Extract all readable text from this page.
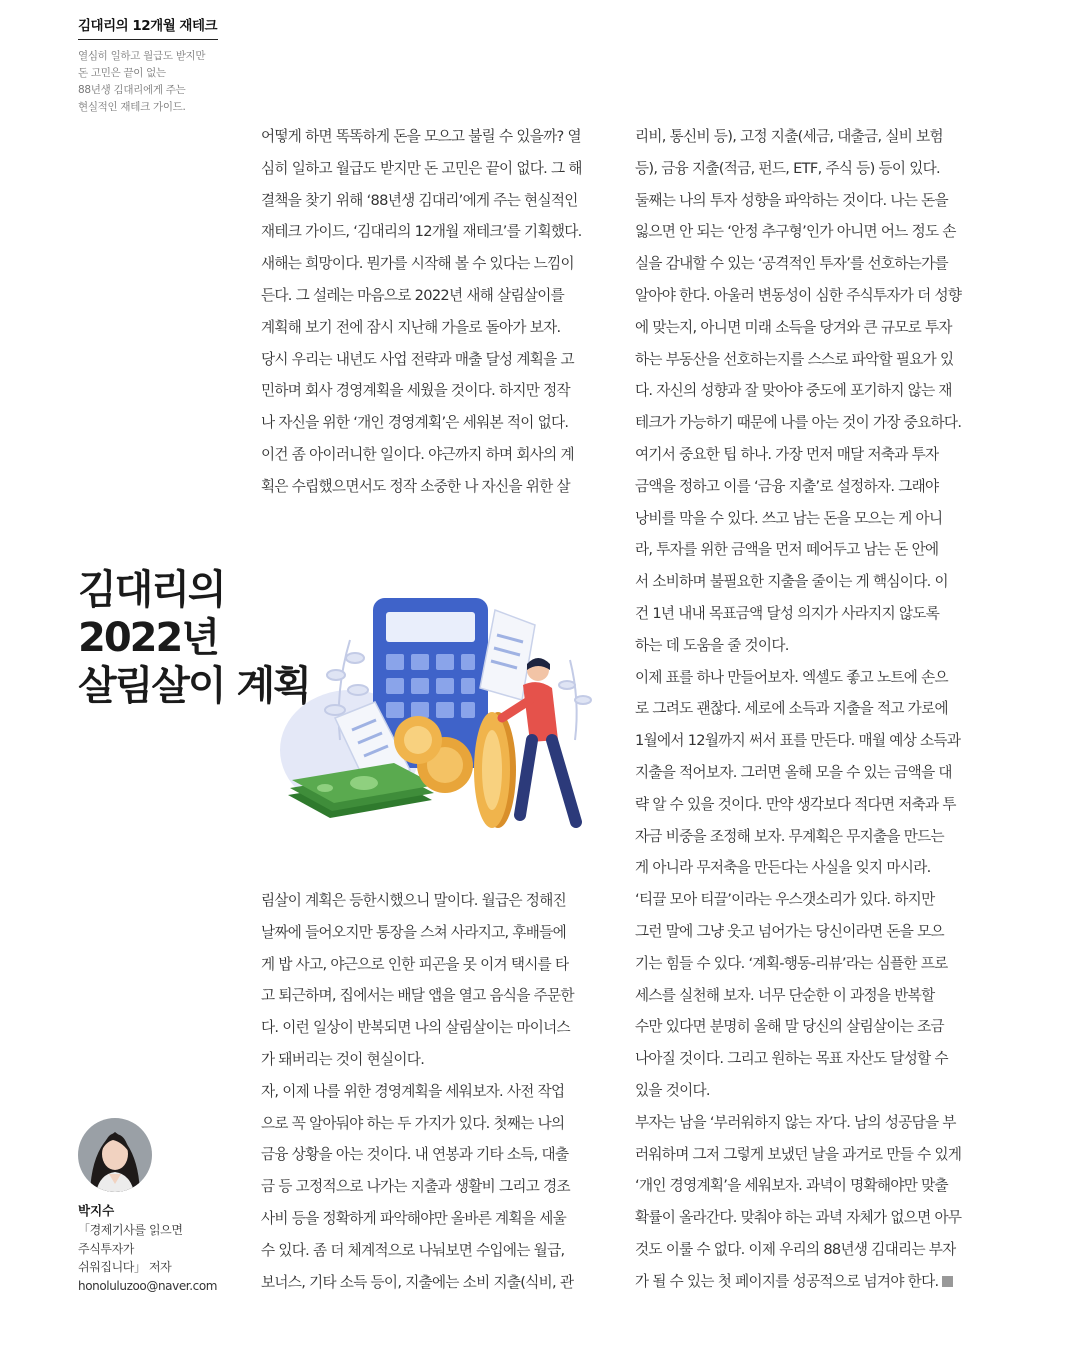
김대리의 12개월 재테크
열심히 일하고 월급도 받지만
돈 고민은 끝이 없는
88년생 김대리에게 주는
현실적인 재테크 가이드.

어떻게 하면 똑똑하게 돈을 모으고 불릴 수 있을까? 열

심히 일하고 월급도 받지만 돈 고민은 끝이 없다. 그 해

결책을 찾기 위해 ‘88년생 김대리’에게 주는 현실적인

재테크 가이드, ‘김대리의 12개월 재테크’를 기획했다.

새해는 희망이다. 뭔가를 시작해 볼 수 있다는 느낌이

든다. 그 설레는 마음으로 2022년 새해 살림살이를

계획해 보기 전에 잠시 지난해 가을로 돌아가 보자.

당시 우리는 내년도 사업 전략과 매출 달성 계획을 고

민하며 회사 경영계획을 세웠을 것이다. 하지만 정작

나 자신을 위한 ‘개인 경영계획’은 세워본 적이 없다.

이건 좀 아이러니한 일이다. 야근까지 하며 회사의 계

획은 수립했으면서도 정작 소중한 나 자신을 위한 살

김대리의
2022년
살림살이 계획

림살이 계획은 등한시했으니 말이다. 월급은 정해진

날짜에 들어오지만 통장을 스쳐 사라지고, 후배들에

게 밥 사고, 야근으로 인한 피곤을 못 이겨 택시를 타

고 퇴근하며, 집에서는 배달 앱을 열고 음식을 주문한

다. 이런 일상이 반복되면 나의 살림살이는 마이너스

가 돼버리는 것이 현실이다.

자, 이제 나를 위한 경영계획을 세워보자. 사전 작업

으로 꼭 알아둬야 하는 두 가지가 있다. 첫째는 나의

금융 상황을 아는 것이다. 내 연봉과 기타 소득, 대출

금 등 고정적으로 나가는 지출과 생활비 그리고 경조

사비 등을 정확하게 파악해야만 올바른 계획을 세울

수 있다. 좀 더 체계적으로 나눠보면 수입에는 월급,

보너스, 기타 소득 등이, 지출에는 소비 지출(식비, 관

리비, 통신비 등), 고정 지출(세금, 대출금, 실비 보험

등), 금융 지출(적금, 펀드, ETF, 주식 등) 등이 있다.

둘째는 나의 투자 성향을 파악하는 것이다. 나는 돈을

잃으면 안 되는 ‘안정 추구형’인가 아니면 어느 정도 손

실을 감내할 수 있는 ‘공격적인 투자’를 선호하는가를

알아야 한다. 아울러 변동성이 심한 주식투자가 더 성향

에 맞는지, 아니면 미래 소득을 당겨와 큰 규모로 투자

하는 부동산을 선호하는지를 스스로 파악할 필요가 있

다. 자신의 성향과 잘 맞아야 중도에 포기하지 않는 재

테크가 가능하기 때문에 나를 아는 것이 가장 중요하다.

여기서 중요한 팁 하나. 가장 먼저 매달 저축과 투자

금액을 정하고 이를 ‘금융 지출’로 설정하자. 그래야

낭비를 막을 수 있다. 쓰고 남는 돈을 모으는 게 아니

라, 투자를 위한 금액을 먼저 떼어두고 남는 돈 안에

서 소비하며 불필요한 지출을 줄이는 게 핵심이다. 이

건 1년 내내 목표금액 달성 의지가 사라지지 않도록

하는 데 도움을 줄 것이다.

이제 표를 하나 만들어보자. 엑셀도 좋고 노트에 손으

로 그려도 괜찮다. 세로에 소득과 지출을 적고 가로에

1월에서 12월까지 써서 표를 만든다. 매월 예상 소득과

지출을 적어보자. 그러면 올해 모을 수 있는 금액을 대

략 알 수 있을 것이다. 만약 생각보다 적다면 저축과 투

자금 비중을 조정해 보자. 무계획은 무지출을 만드는

게 아니라 무저축을 만든다는 사실을 잊지 마시라.

‘티끌 모아 티끌’이라는 우스갯소리가 있다. 하지만

그런 말에 그냥 웃고 넘어가는 당신이라면 돈을 모으

기는 힘들 수 있다. ‘계획-행동-리뷰’라는 심플한 프로

세스를 실천해 보자. 너무 단순한 이 과정을 반복할

수만 있다면 분명히 올해 말 당신의 살림살이는 조금

나아질 것이다. 그리고 원하는 목표 자산도 달성할 수

있을 것이다.

부자는 남을 ‘부러워하지 않는 자’다. 남의 성공담을 부

러워하며 그저 그렇게 보냈던 날을 과거로 만들 수 있게

‘개인 경영계획’을 세워보자. 과녁이 명확해야만 맞출

확률이 올라간다. 맞춰야 하는 과녁 자체가 없으면 아무

것도 이룰 수 없다. 이제 우리의 88년생 김대리는 부자

가 될 수 있는 첫 페이지를 성공적으로 넘겨야 한다.

박지수
「경제기사를 읽으면
주식투자가
쉬워집니다」 저자
honoluluzoo@naver.com
